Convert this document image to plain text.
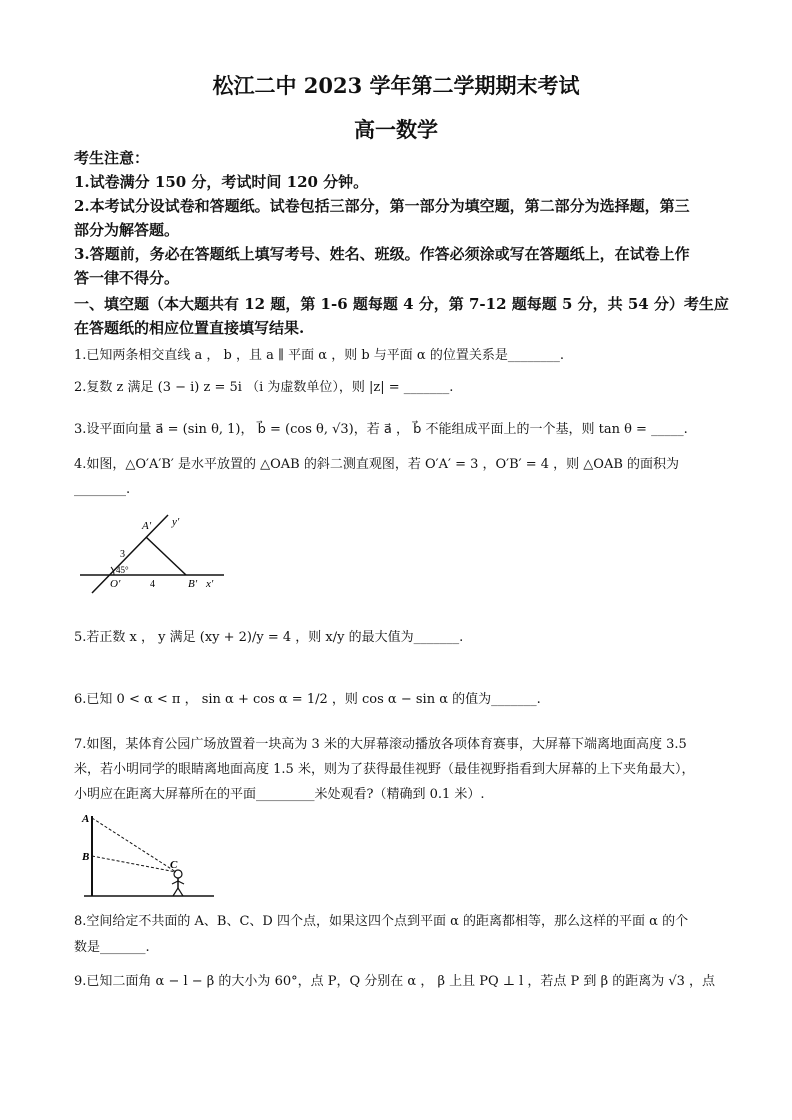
松江二中 2023 学年第二学期期末考试
高一数学
考生注意：
1.试卷满分 150 分，考试时间 120 分钟。
2.本考试分设试卷和答题纸。试卷包括三部分，第一部分为填空题，第二部分为选择题，第三
部分为解答题。
3.答题前，务必在答题纸上填写考号、姓名、班级。作答必须涂或写在答题纸上，在试卷上作
答一律不得分。
一、填空题（本大题共有 12 题，第 1-6 题每题 4 分，第 7-12 题每题 5 分，共 54 分）考生应
在答题纸的相应位置直接填写结果.
1.已知两条相交直线 a ， b ，且 a ∥ 平面 α ，则 b 与平面 α 的位置关系是________.
2.复数 z 满足 (3 − i) z = 5i （i 为虚数单位），则 |z| = _______.
3.设平面向量 a⃗ = (sin θ, 1)， b⃗ = (cos θ, √3)，若 a⃗ ， b⃗ 不能组成平面上的一个基，则 tan θ = _____.
4.如图，△O′A′B′ 是水平放置的 △OAB 的斜二测直观图，若 O′A′ = 3 ，O′B′ = 4 ，则 △OAB 的面积为
________.
A′ y′
3
45°
O′	4	B′ x′
5.若正数 x ， y 满足 (xy + 2)/y = 4 ，则 x/y 的最大值为_______.
6.已知 0 < α < π ， sin α + cos α = 1/2 ，则 cos α − sin α 的值为_______.
7.如图，某体育公园广场放置着一块高为 3 米的大屏幕滚动播放各项体育赛事，大屏幕下端离地面高度 3.5
米，若小明同学的眼睛离地面高度 1.5 米，则为了获得最佳视野（最佳视野指看到大屏幕的上下夹角最大），
小明应在距离大屏幕所在的平面_________米处观看?（精确到 0.1 米）.
A
B
C
8.空间给定不共面的 A、B、C、D 四个点，如果这四个点到平面 α 的距离都相等，那么这样的平面 α 的个
数是_______.
9.已知二面角 α − l − β 的大小为 60°，点 P，Q 分别在 α ， β 上且 PQ ⊥ l ，若点 P 到 β 的距离为 √3 ，点
